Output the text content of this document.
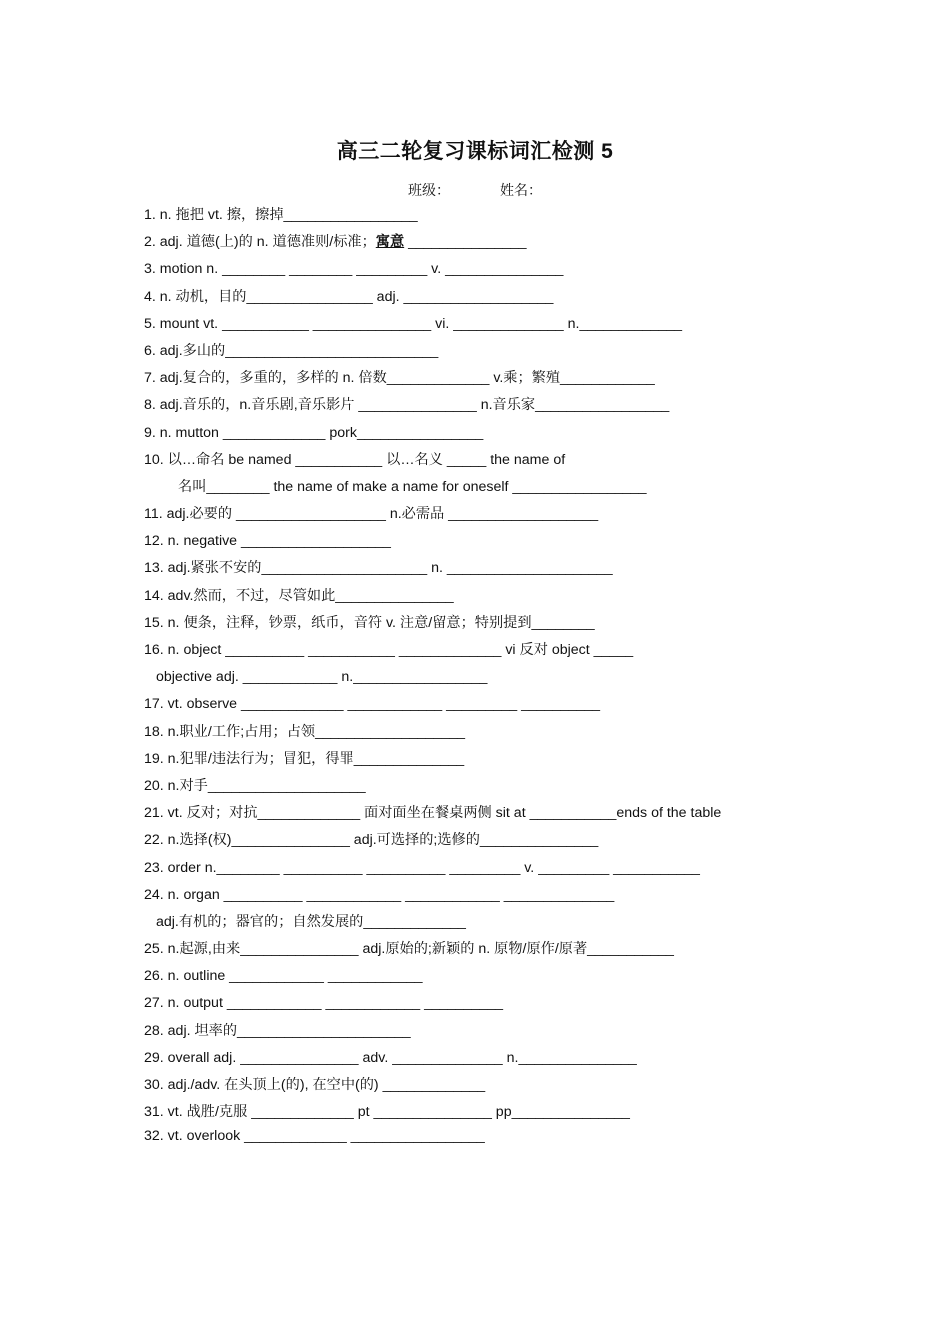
高三二轮复习课标词汇检测 5
班级：	姓名：
1. n. 拖把 vt. 擦，擦掉_________________
2. adj. 道德(上)的 n. 道德准则/标准；寓意 _______________
3. motion n. ________ ________ _________ v. _______________
4. n. 动机，目的________________ adj. ___________________
5. mount vt. ___________ _______________ vi. ______________ n._____________
6. adj.多山的___________________________
7. adj.复合的，多重的，多样的 n. 倍数_____________ v.乘；繁殖____________
8. adj.音乐的，n.音乐剧,音乐影片 _______________ n.音乐家_________________
9. n. mutton _____________ pork________________
10. 以…命名 be named ___________ 以…名义 _____ the name of
名叫________ the name of make a name for oneself _________________
11. adj.必要的 ___________________ n.必需品 ___________________
12. n. negative ___________________
13. adj.紧张不安的_____________________ n. _____________________
14. adv.然而，不过，尽管如此_______________
15. n. 便条，注释，钞票，纸币，音符 v. 注意/留意；特别提到________
16. n. object __________ ___________ _____________ vi 反对 object _____
objective adj. ____________ n._________________
17. vt. observe _____________ ____________ _________ __________
18. n.职业/工作;占用；占领___________________
19. n.犯罪/违法行为；冒犯，得罪______________
20. n.对手____________________
21. vt. 反对；对抗_____________ 面对面坐在餐桌两侧 sit at ___________ends of the table
22. n.选择(权)_______________ adj.可选择的;选修的_______________
23. order n.________ __________ __________ _________ v. _________ ___________
24. n. organ __________ ____________ ____________ ______________
adj.有机的；器官的；自然发展的_____________
25. n.起源,由来_______________ adj.原始的;新颖的 n. 原物/原作/原著___________
26. n. outline ____________ ____________
27. n. output ____________ ____________ __________
28. adj. 坦率的______________________
29. overall adj. _______________ adv. ______________ n._______________
30. adj./adv. 在头顶上(的), 在空中(的) _____________
31. vt. 战胜/克服 _____________ pt _______________ pp_______________
32. vt. overlook _____________ _________________
